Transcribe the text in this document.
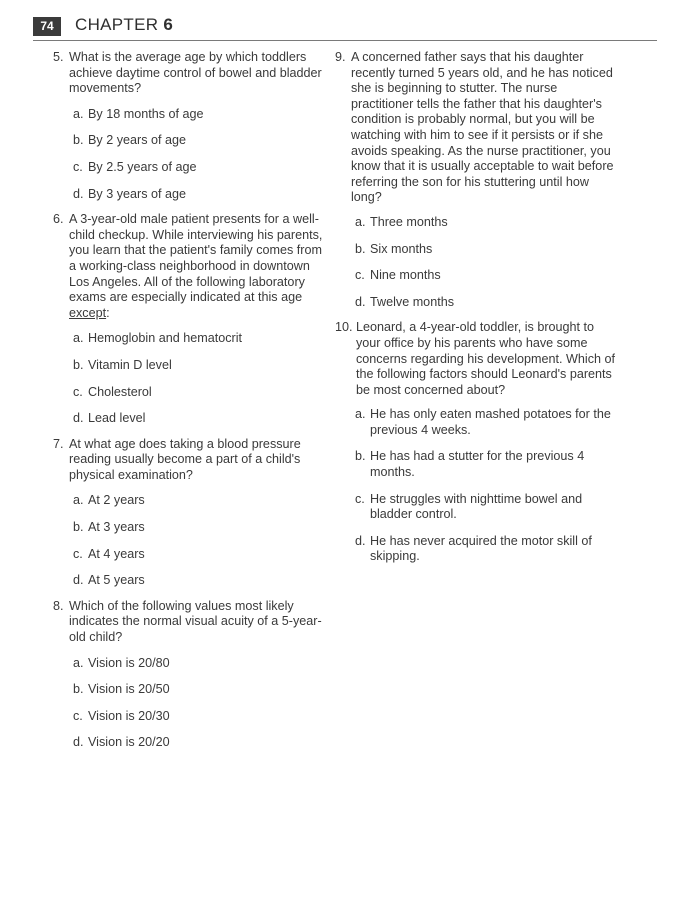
74	CHAPTER 6
5. What is the average age by which toddlers achieve daytime control of bowel and bladder movements?
a. By 18 months of age
b. By 2 years of age
c. By 2.5 years of age
d. By 3 years of age
6. A 3-year-old male patient presents for a well-child checkup. While interviewing his parents, you learn that the patient's family comes from a working-class neighborhood in downtown Los Angeles. All of the following laboratory exams are especially indicated at this age except:
a. Hemoglobin and hematocrit
b. Vitamin D level
c. Cholesterol
d. Lead level
7. At what age does taking a blood pressure reading usually become a part of a child's physical examination?
a. At 2 years
b. At 3 years
c. At 4 years
d. At 5 years
8. Which of the following values most likely indicates the normal visual acuity of a 5-year-old child?
a. Vision is 20/80
b. Vision is 20/50
c. Vision is 20/30
d. Vision is 20/20
9. A concerned father says that his daughter recently turned 5 years old, and he has noticed she is beginning to stutter. The nurse practitioner tells the father that his daughter's condition is probably normal, but you will be watching with him to see if it persists or if she avoids speaking. As the nurse practitioner, you know that it is usually acceptable to wait before referring the son for his stuttering until how long?
a. Three months
b. Six months
c. Nine months
d. Twelve months
10. Leonard, a 4-year-old toddler, is brought to your office by his parents who have some concerns regarding his development. Which of the following factors should Leonard's parents be most concerned about?
a. He has only eaten mashed potatoes for the previous 4 weeks.
b. He has had a stutter for the previous 4 months.
c. He struggles with nighttime bowel and bladder control.
d. He has never acquired the motor skill of skipping.
